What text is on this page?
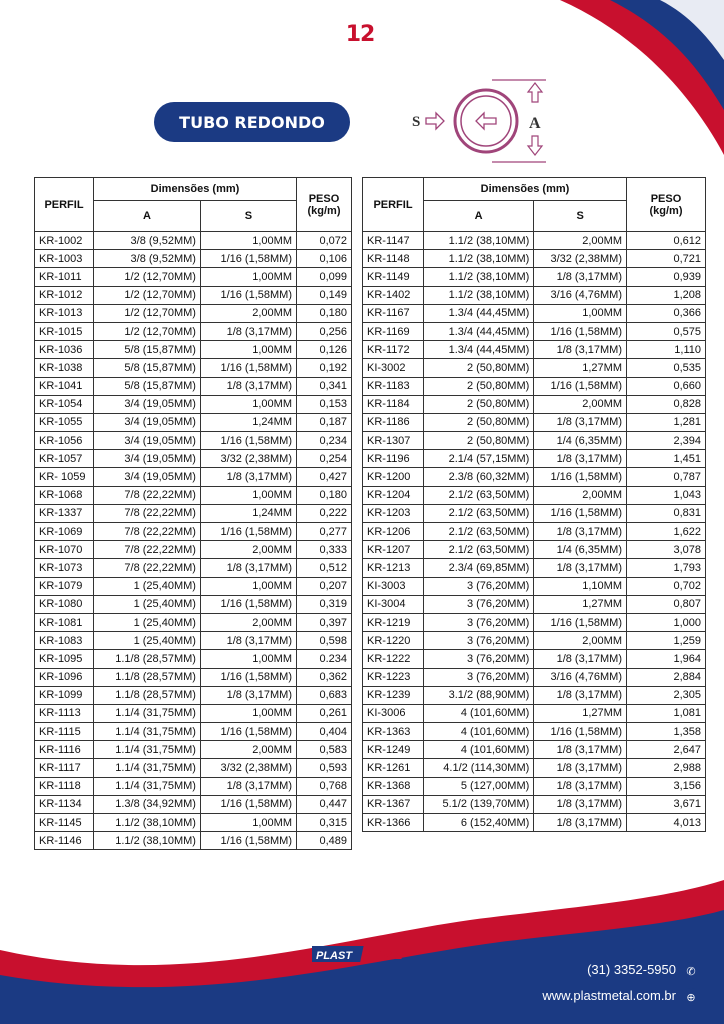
12
TUBO REDONDO	S	A
PERFIL	Dimensões (mm)		PESO
(kg/m)

	A	S	
KR-1002	3/8 (9,52MM)	1,00MM	0,072
KR-1003	3/8 (9,52MM)	1/16 (1,58MM)	0,106
KR-1011	1/2 (12,70MM)	1,00MM	0,099
KR-1012	1/2 (12,70MM)	1/16 (1,58MM)	0,149
KR-1013	1/2 (12,70MM)	2,00MM	0,180
KR-1015	1/2 (12,70MM)	1/8 (3,17MM)	0,256
KR-1036	5/8 (15,87MM)	1,00MM	0,126
KR-1038	5/8 (15,87MM)	1/16 (1,58MM)	0,192
KR-1041	5/8 (15,87MM)	1/8 (3,17MM)	0,341
KR-1054	3/4 (19,05MM)	1,00MM	0,153
KR-1055	3/4 (19,05MM)	1,24MM	0,187
KR-1056	3/4 (19,05MM)	1/16 (1,58MM)	0,234
KR-1057	3/4 (19,05MM)	3/32 (2,38MM)	0,254
KR- 1059	3/4 (19,05MM)	1/8 (3,17MM)	0,427
KR-1068	7/8 (22,22MM)	1,00MM	0,180
KR-1337	7/8 (22,22MM)	1,24MM	0,222
KR-1069	7/8 (22,22MM)	1/16 (1,58MM)	0,277
KR-1070	7/8 (22,22MM)	2,00MM	0,333
KR-1073	7/8 (22,22MM)	1/8 (3,17MM)	0,512
KR-1079	1 (25,40MM)	1,00MM	0,207
KR-1080	1 (25,40MM)	1/16 (1,58MM)	0,319
KR-1081	1 (25,40MM)	2,00MM	0,397
KR-1083	1 (25,40MM)	1/8 (3,17MM)	0,598
KR-1095	1.1/8 (28,57MM)	1,00MM	0.234
KR-1096	1.1/8 (28,57MM)	1/16 (1,58MM)	0,362
KR-1099	1.1/8 (28,57MM)	1/8 (3,17MM)	0,683
KR-1113	1.1/4 (31,75MM)	1,00MM	0,261
KR-1115	1.1/4 (31,75MM)	1/16 (1,58MM)	0,404
KR-1116	1.1/4 (31,75MM)	2,00MM	0,583
KR-1117	1.1/4 (31,75MM)	3/32 (2,38MM)	0,593
KR-1118	1.1/4 (31,75MM)	1/8 (3,17MM)	0,768
KR-1134	1.3/8 (34,92MM)	1/16 (1,58MM)	0,447
KR-1145	1.1/2 (38,10MM)	1,00MM	0,315
KR-1146	1.1/2 (38,10MM)	1/16 (1,58MM)	0,489
PERFIL	Dimensões (mm)		PESO
(kg/m)

	A	S	
KR-1147	1.1/2 (38,10MM)	2,00MM	0,612
KR-1148	1.1/2 (38,10MM)	3/32 (2,38MM)	0,721
KR-1149	1.1/2 (38,10MM)	1/8 (3,17MM)	0,939
KR-1402	1.1/2 (38,10MM)	3/16 (4,76MM)	1,208
KR-1167	1.3/4 (44,45MM)	1,00MM	0,366
KR-1169	1.3/4 (44,45MM)	1/16 (1,58MM)	0,575
KR-1172	1.3/4 (44,45MM)	1/8 (3,17MM)	1,110
KI-3002	2 (50,80MM)	1,27MM	0,535
KR-1183	2 (50,80MM)	1/16 (1,58MM)	0,660
KR-1184	2 (50,80MM)	2,00MM	0,828
KR-1186	2 (50,80MM)	1/8 (3,17MM)	1,281
KR-1307	2 (50,80MM)	1/4 (6,35MM)	2,394
KR-1196	2.1/4 (57,15MM)	1/8 (3,17MM)	1,451
KR-1200	2.3/8 (60,32MM)	1/16 (1,58MM)	0,787
KR-1204	2.1/2 (63,50MM)	2,00MM	1,043
KR-1203	2.1/2 (63,50MM)	1/16 (1,58MM)	0,831
KR-1206	2.1/2 (63,50MM)	1/8 (3,17MM)	1,622
KR-1207	2.1/2 (63,50MM)	1/4 (6,35MM)	3,078
KR-1213	2.3/4 (69,85MM)	1/8 (3,17MM)	1,793
KI-3003	3 (76,20MM)	1,10MM	0,702
KI-3004	3 (76,20MM)	1,27MM	0,807
KR-1219	3 (76,20MM)	1/16 (1,58MM)	1,000
KR-1220	3 (76,20MM)	2,00MM	1,259
KR-1222	3 (76,20MM)	1/8 (3,17MM)	1,964
KR-1223	3 (76,20MM)	3/16 (4,76MM)	2,884
KR-1239	3.1/2 (88,90MM)	1/8 (3,17MM)	2,305
KI-3006	4 (101,60MM)	1,27MM	1,081
KR-1363	4 (101,60MM)	1/16 (1,58MM)	1,358
KR-1249	4 (101,60MM)	1/8 (3,17MM)	2,647
KR-1261	4.1/2 (114,30MM)	1/8 (3,17MM)	2,988
KR-1368	5 (127,00MM)	1/8 (3,17MM)	3,156
KR-1367	5.1/2 (139,70MM)	1/8 (3,17MM)	3,671
KR-1366	6 (152,40MM)	1/8 (3,17MM)	4,013
PLAST METAL
(31) 3352-5950 ✆
www.plastmetal.com.br ⊕
